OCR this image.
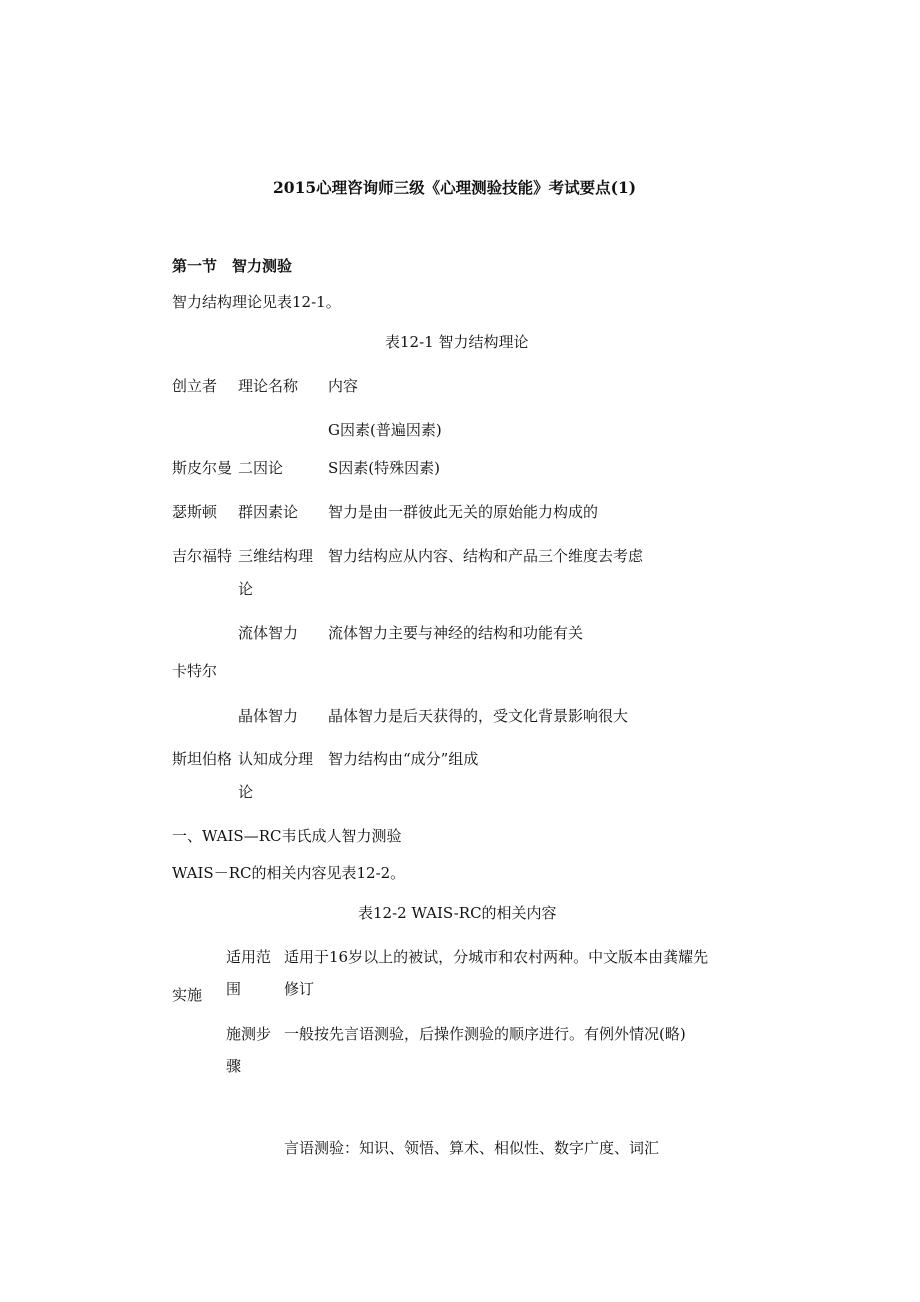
2015心理咨询师三级《心理测验技能》考试要点(1)
第一节　智力测验
智力结构理论见表12-1。
表12-1 智力结构理论
创立者 理论名称 内容
G因素(普遍因素)
斯皮尔曼 二因论	S因素(特殊因素)
瑟斯顿 群因素论 智力是由一群彼此无关的原始能力构成的
吉尔福特 三维结构理 智力结构应从内容、结构和产品三个维度去考虑
论
流体智力 流体智力主要与神经的结构和功能有关
卡特尔
晶体智力 晶体智力是后天获得的，受文化背景影响很大
斯坦伯格 认知成分理 智力结构由“成分”组成
论
一、WAIS—RC韦氏成人智力测验
WAIS－RC的相关内容见表12-2。
表12-2 WAIS-RC的相关内容
适用范 适用于16岁以上的被试，分城市和农村两种。中文版本由龚耀先
围	修订
实施
施测步 一般按先言语测验，后操作测验的顺序进行。有例外情况(略)
骤
言语测验：知识、领悟、算术、相似性、数字广度、词汇
